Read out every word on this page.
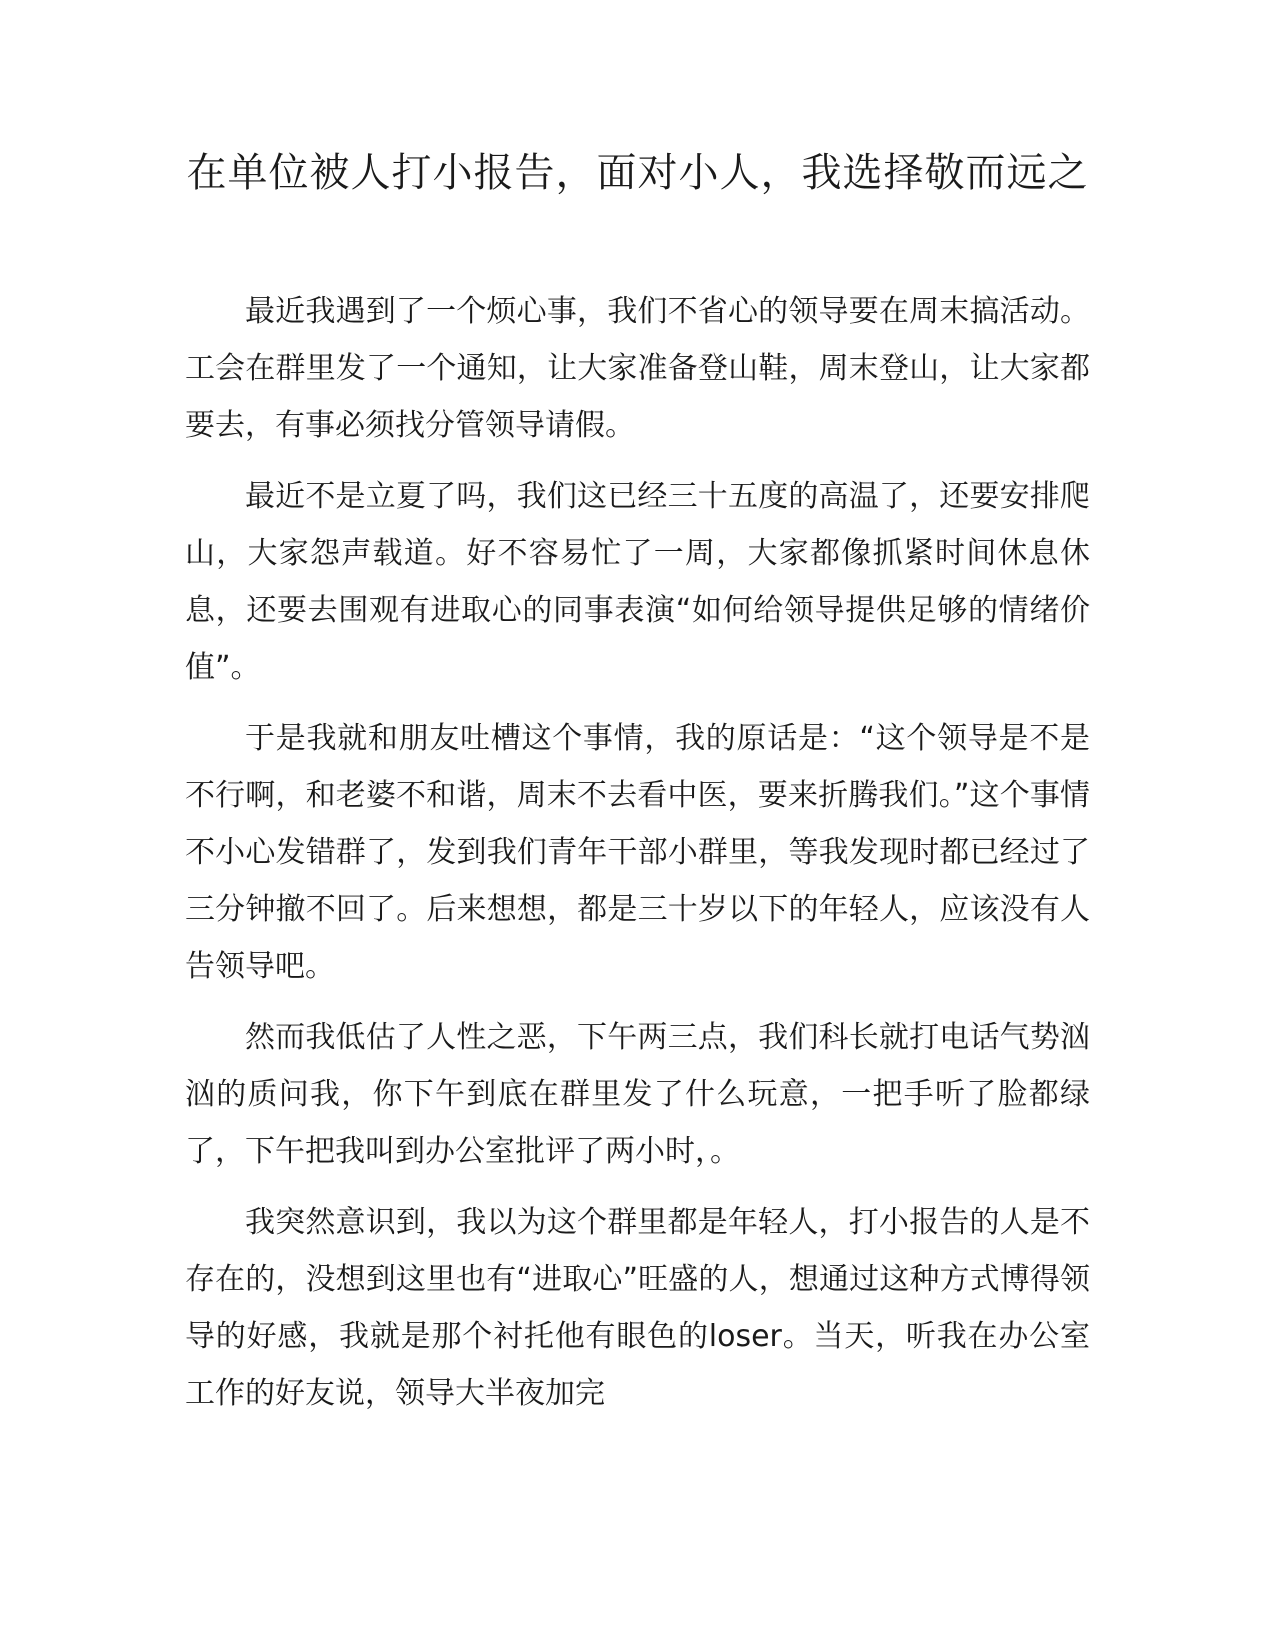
在单位被人打小报告，面对小人，我选择敬而远之

最近我遇到了一个烦心事，我们不省心的领导要在周末搞活动。工会在群里发了一个通知，让大家准备登山鞋，周末登山，让大家都要去，有事必须找分管领导请假。

最近不是立夏了吗，我们这已经三十五度的高温了，还要安排爬山，大家怨声载道。好不容易忙了一周，大家都像抓紧时间休息休息，还要去围观有进取心的同事表演“如何给领导提供足够的情绪价值”。

于是我就和朋友吐槽这个事情，我的原话是：“这个领导是不是不行啊，和老婆不和谐，周末不去看中医，要来折腾我们。”这个事情不小心发错群了，发到我们青年干部小群里，等我发现时都已经过了三分钟撤不回了。后来想想，都是三十岁以下的年轻人，应该没有人告领导吧。

然而我低估了人性之恶，下午两三点，我们科长就打电话气势汹汹的质问我，你下午到底在群里发了什么玩意，一把手听了脸都绿了，下午把我叫到办公室批评了两小时，。

我突然意识到，我以为这个群里都是年轻人，打小报告的人是不存在的，没想到这里也有“进取心”旺盛的人，想通过这种方式博得领导的好感，我就是那个衬托他有眼色的loser。当天，听我在办公室工作的好友说，领导大半夜加完
